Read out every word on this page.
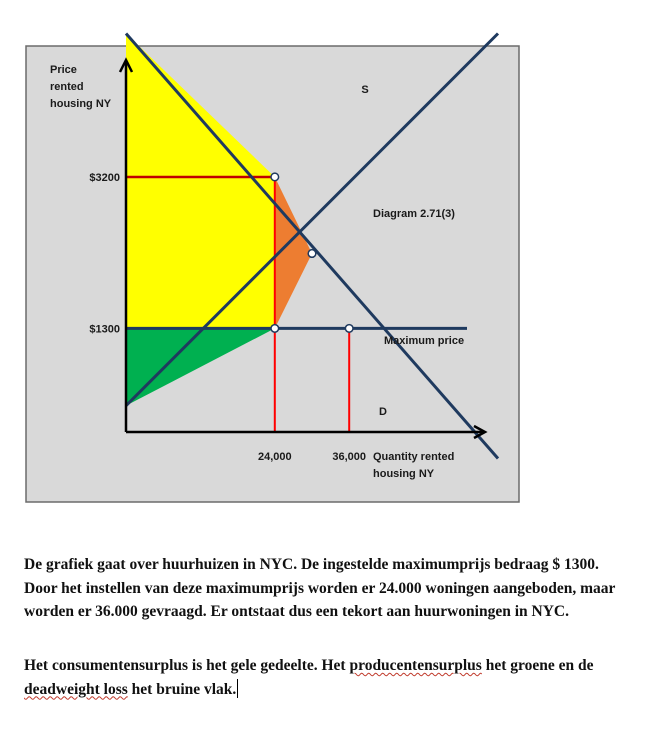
Price
rented
housing NY
Quantity rented
housing NY
$3200
$1300
24,000	36,000
Diagram 2.71(3)
S
D
Maximum price
De grafiek gaat over huurhuizen in NYC. De ingestelde maximumprijs bedraag $ 1300. Door het instellen van deze maximumprijs worden er 24.000 woningen aangeboden, maar worden er 36.000 gevraagd. Er ontstaat dus een tekort aan huurwoningen in NYC.
Het consumentensurplus is het gele gedeelte. Het producentensurplus het groene en de deadweight loss het bruine vlak.
